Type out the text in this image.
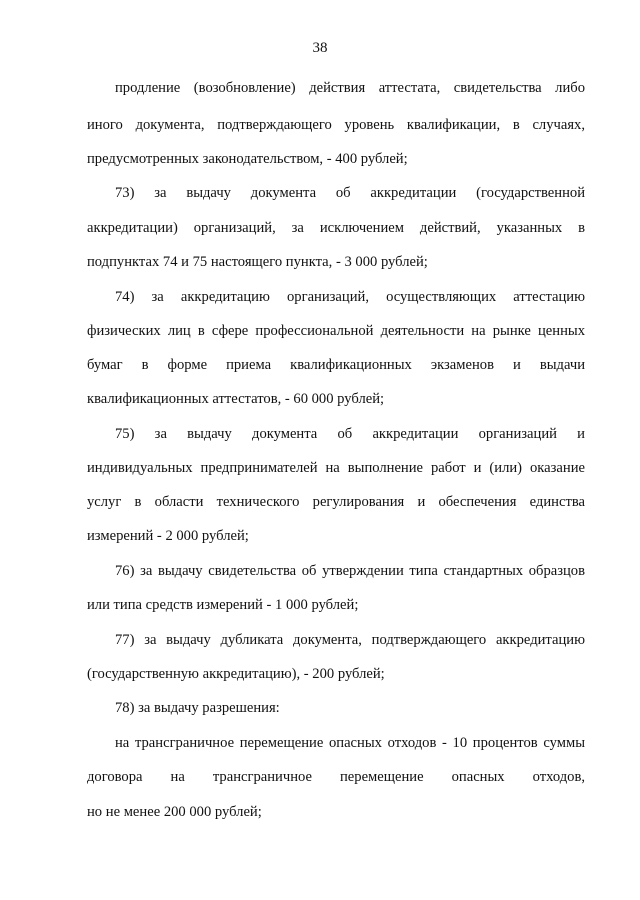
38
продление (возобновление) действия аттестата, свидетельства либо
иного документа, подтверждающего уровень квалификации, в случаях,
предусмотренных законодательством, - 400 рублей;
73) за выдачу документа об аккредитации (государственной
аккредитации) организаций, за исключением действий, указанных в
подпунктах 74 и 75 настоящего пункта, - 3 000 рублей;
74) за аккредитацию организаций, осуществляющих аттестацию
физических лиц в сфере профессиональной деятельности на рынке ценных
бумаг в форме приема квалификационных экзаменов и выдачи
квалификационных аттестатов, - 60 000 рублей;
75) за выдачу документа об аккредитации организаций и
индивидуальных предпринимателей на выполнение работ и (или) оказание
услуг в области технического регулирования и обеспечения единства
измерений - 2 000 рублей;
76) за выдачу свидетельства об утверждении типа стандартных образцов
или типа средств измерений - 1 000 рублей;
77) за выдачу дубликата документа, подтверждающего аккредитацию
(государственную аккредитацию), - 200 рублей;
78) за выдачу разрешения:
на трансграничное перемещение опасных отходов - 10 процентов суммы
договора на трансграничное перемещение опасных отходов,
но не менее 200 000 рублей;
